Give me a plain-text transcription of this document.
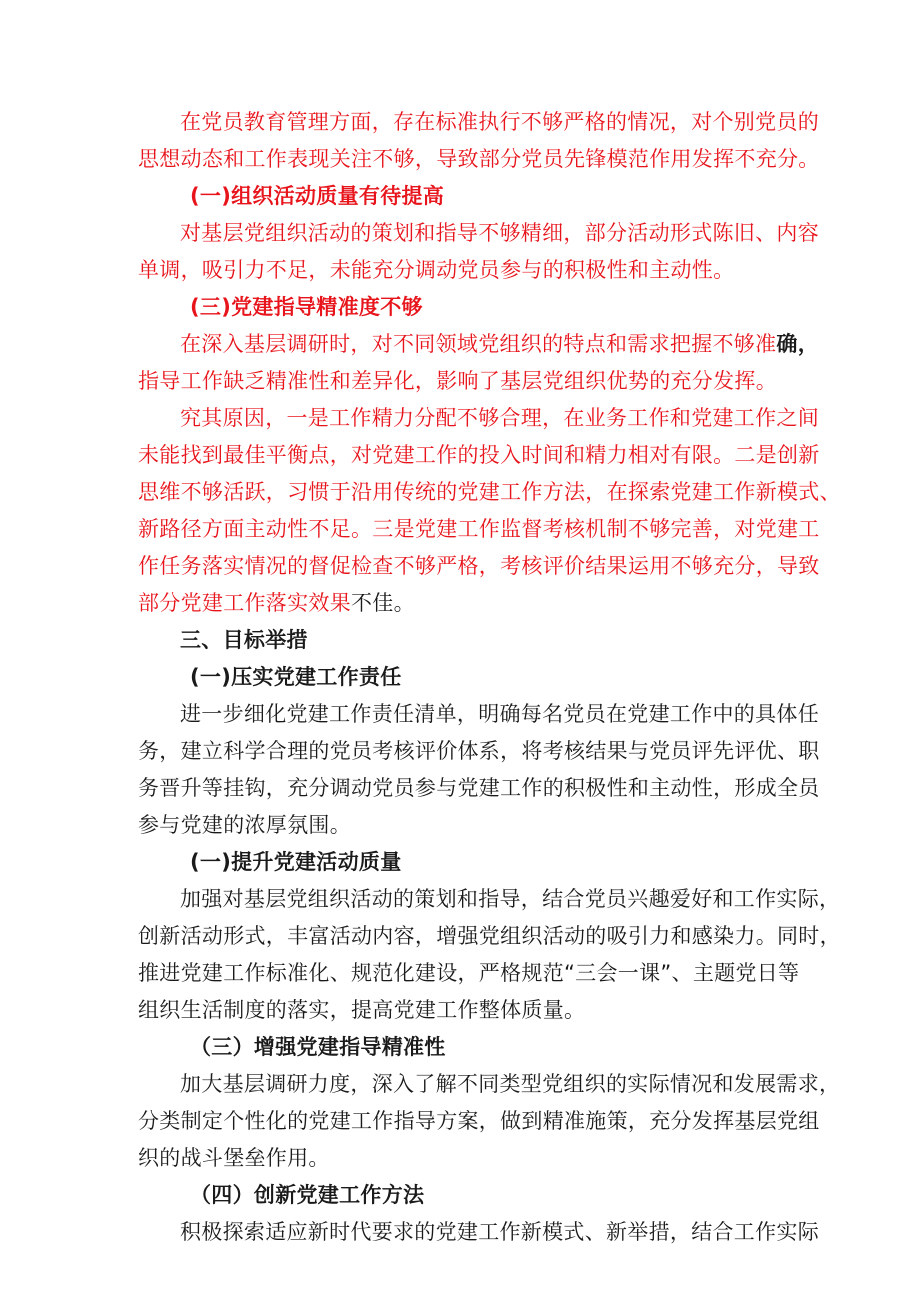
在党员教育管理方面，存在标准执行不够严格的情况，对个别党员的
思想动态和工作表现关注不够，导致部分党员先锋模范作用发挥不充分。
(一)组织活动质量有待提高
对基层党组织活动的策划和指导不够精细，部分活动形式陈旧、内容
单调，吸引力不足，未能充分调动党员参与的积极性和主动性。
(三)党建指导精准度不够
在深入基层调研时，对不同领域党组织的特点和需求把握不够准确，
指导工作缺乏精准性和差异化，影响了基层党组织优势的充分发挥。
究其原因，一是工作精力分配不够合理，在业务工作和党建工作之间
未能找到最佳平衡点，对党建工作的投入时间和精力相对有限。二是创新
思维不够活跃，习惯于沿用传统的党建工作方法，在探索党建工作新模式、
新路径方面主动性不足。三是党建工作监督考核机制不够完善，对党建工
作任务落实情况的督促检查不够严格，考核评价结果运用不够充分，导致
部分党建工作落实效果不佳。
三、目标举措
(一)压实党建工作责任
进一步细化党建工作责任清单，明确每名党员在党建工作中的具体任
务，建立科学合理的党员考核评价体系，将考核结果与党员评先评优、职
务晋升等挂钩，充分调动党员参与党建工作的积极性和主动性，形成全员
参与党建的浓厚氛围。
(一)提升党建活动质量
加强对基层党组织活动的策划和指导，结合党员兴趣爱好和工作实际，
创新活动形式，丰富活动内容，增强党组织活动的吸引力和感染力。同时，
推进党建工作标准化、规范化建设，严格规范“三会一课”、主题党日等
组织生活制度的落实，提高党建工作整体质量。
（三）增强党建指导精准性
加大基层调研力度，深入了解不同类型党组织的实际情况和发展需求，
分类制定个性化的党建工作指导方案，做到精准施策，充分发挥基层党组
织的战斗堡垒作用。
（四）创新党建工作方法
积极探索适应新时代要求的党建工作新模式、新举措，结合工作实际
